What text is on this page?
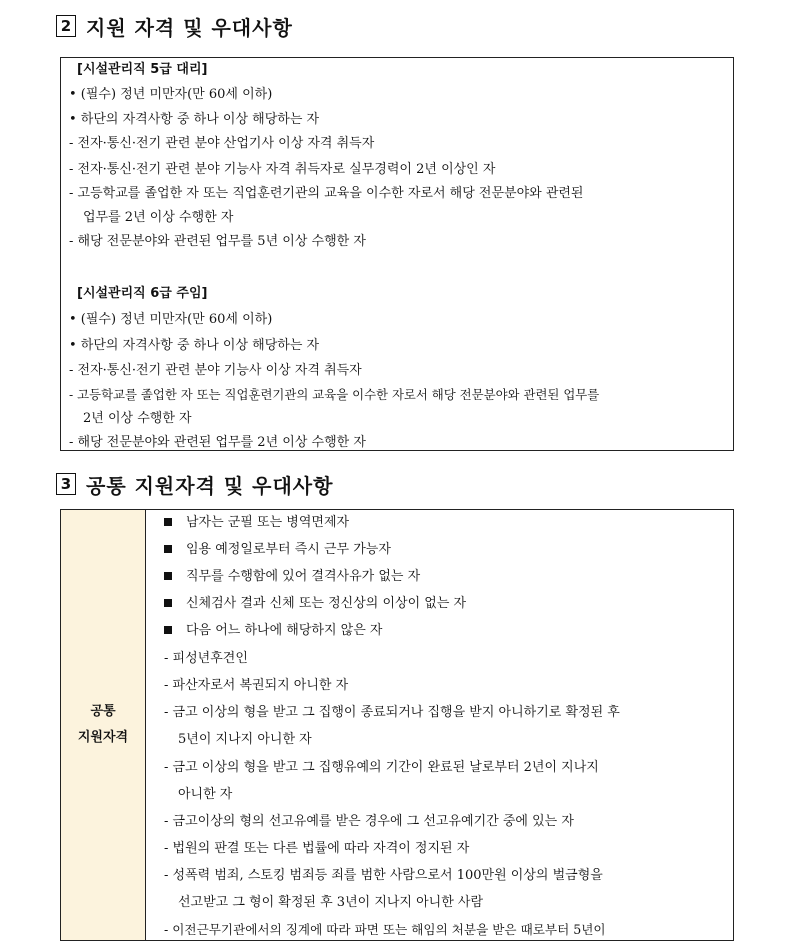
2 지원 자격 및 우대사항
[시설관리직 5급 대리]
• (필수) 정년 미만자(만 60세 이하)
• 하단의 자격사항 중 하나 이상 해당하는 자
- 전자·통신·전기 관련 분야 산업기사 이상 자격 취득자
- 전자·통신·전기 관련 분야 기능사 자격 취득자로 실무경력이 2년 이상인 자
- 고등학교를 졸업한 자 또는 직업훈련기관의 교육을 이수한 자로서 해당 전문분야와 관련된
업무를 2년 이상 수행한 자
- 해당 전문분야와 관련된 업무를 5년 이상 수행한 자
[시설관리직 6급 주임]
• (필수) 정년 미만자(만 60세 이하)
• 하단의 자격사항 중 하나 이상 해당하는 자
- 전자·통신·전기 관련 분야 기능사 이상 자격 취득자
- 고등학교를 졸업한 자 또는 직업훈련기관의 교육을 이수한 자로서 해당 전문분야와 관련된 업무를
2년 이상 수행한 자
- 해당 전문분야와 관련된 업무를 2년 이상 수행한 자
3 공통 지원자격 및 우대사항
공통
지원자격
남자는 군필 또는 병역면제자
임용 예정일로부터 즉시 근무 가능자
직무를 수행함에 있어 결격사유가 없는 자
신체검사 결과 신체 또는 정신상의 이상이 없는 자
다음 어느 하나에 해당하지 않은 자
- 피성년후견인
- 파산자로서 복권되지 아니한 자
- 금고 이상의 형을 받고 그 집행이 종료되거나 집행을 받지 아니하기로 확정된 후
5년이 지나지 아니한 자
- 금고 이상의 형을 받고 그 집행유예의 기간이 완료된 날로부터 2년이 지나지
아니한 자
- 금고이상의 형의 선고유예를 받은 경우에 그 선고유예기간 중에 있는 자
- 법원의 판결 또는 다른 법률에 따라 자격이 정지된 자
- 성폭력 범죄, 스토킹 범죄등 죄를 범한 사람으로서 100만원 이상의 벌금형을
선고받고 그 형이 확정된 후 3년이 지나지 아니한 사람
- 이전근무기관에서의 징계에 따라 파면 또는 해임의 처분을 받은 때로부터 5년이
